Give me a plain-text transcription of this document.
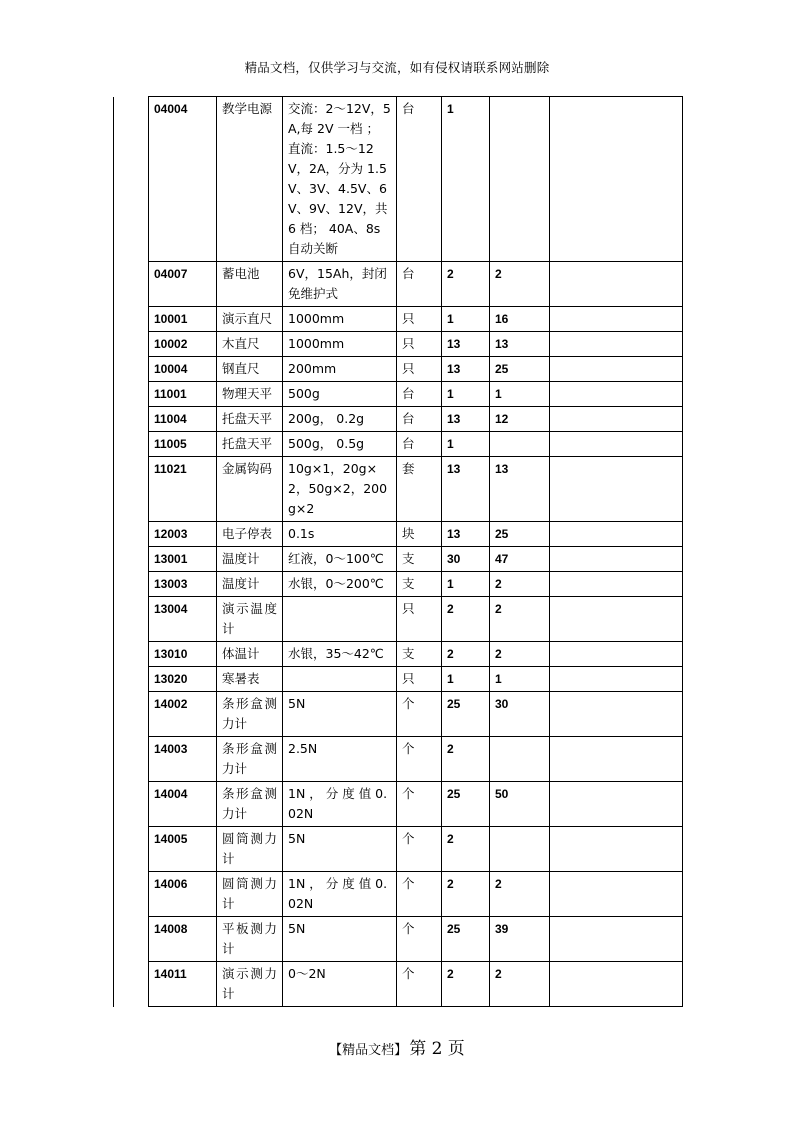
精品文档，仅供学习与交流，如有侵权请联系网站删除
	04004	教学电源	交流：2～12V，5A,每 2V 一档 ；直流：1.5～12V，2A，分为 1.5V、3V、4.5V、6V、9V、12V，共 6 档； 40A、8s 自动关断	台	1		
	04007	蓄电池	6V，15Ah，封闭免维护式	台	2	2	
	10001	演示直尺	1000mm	只	1	16	
	10002	木直尺	1000mm	只	13	13	
	10004	钢直尺	200mm	只	13	25	
	11001	物理天平	500g	台	1	1	
	11004	托盘天平	200g， 0.2g	台	13	12	
	11005	托盘天平	500g， 0.5g	台	1		
	11021	金属钩码	10g×1，20g×2，50g×2，200g×2	套	13	13	
	12003	电子停表	0.1s	块	13	25	
	13001	温度计	红液，0～100℃	支	30	47	
	13003	温度计	水银，0～200℃	支	1	2	
	13004	演示温度计		只	2	2	
	13010	体温计	水银，35～42℃	支	2	2	
	13020	寒暑表		只	1	1	
	14002	条形盒测力计	5N	个	25	30	
	14003	条形盒测力计	2.5N	个	2		
	14004	条形盒测力计	1N ， 分 度 值 0.02N	个	25	50	
	14005	圆筒测力计	5N	个	2		
	14006	圆筒测力计	1N ， 分 度 值 0.02N	个	2	2	
	14008	平板测力计	5N	个	25	39	
	14011	演示测力计	0～2N	个	2	2	
【精品文档】 第 2 页
